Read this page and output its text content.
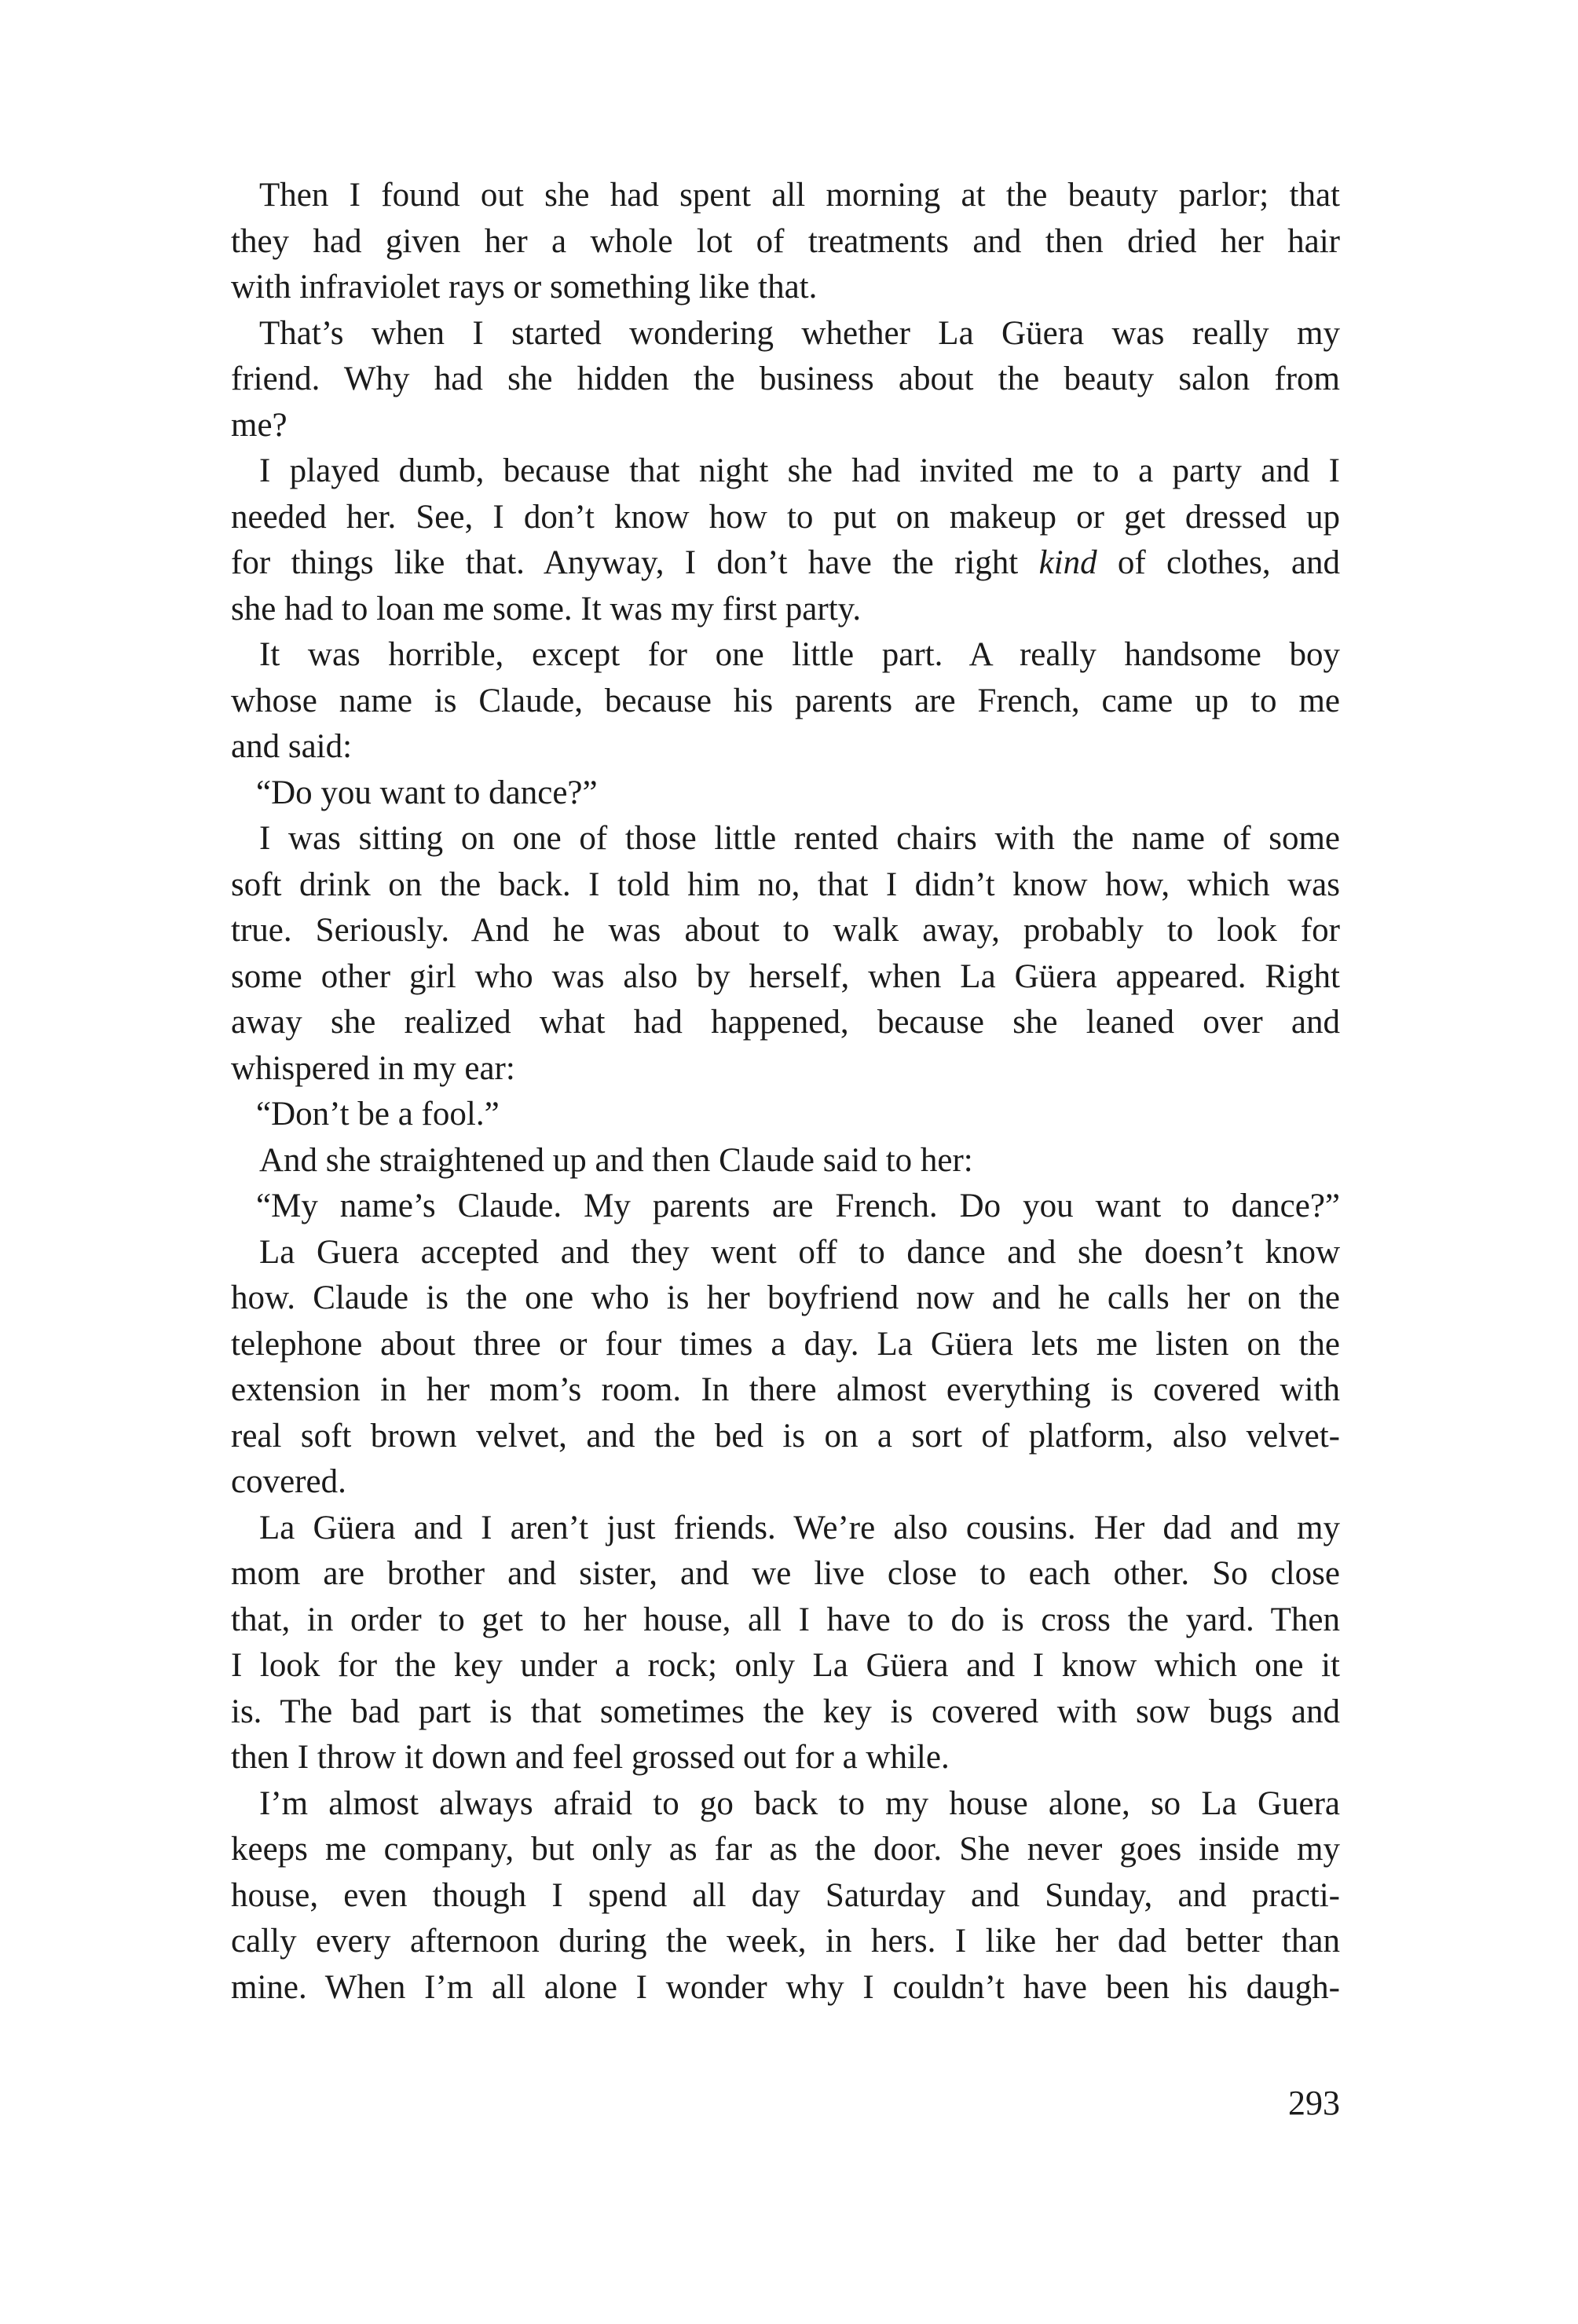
Then I found out she had spent all morning at the beauty parlor; that
they had given her a whole lot of treatments and then dried her hair
with infraviolet rays or something like that.
That’s when I started wondering whether La Güera was really my
friend. Why had she hidden the business about the beauty salon from
me?
I played dumb, because that night she had invited me to a party and I
needed her. See, I don’t know how to put on makeup or get dressed up
for things like that. Anyway, I don’t have the right kind of clothes, and
she had to loan me some. It was my first party.
It was horrible, except for one little part. A really handsome boy
whose name is Claude, because his parents are French, came up to me
and said:
“Do you want to dance?”
I was sitting on one of those little rented chairs with the name of some
soft drink on the back. I told him no, that I didn’t know how, which was
true. Seriously. And he was about to walk away, probably to look for
some other girl who was also by herself, when La Güera appeared. Right
away she realized what had happened, because she leaned over and
whispered in my ear:
“Don’t be a fool.”
And she straightened up and then Claude said to her:
“My name’s Claude. My parents are French. Do you want to dance?”
La Guera accepted and they went off to dance and she doesn’t know
how. Claude is the one who is her boyfriend now and he calls her on the
telephone about three or four times a day. La Güera lets me listen on the
extension in her mom’s room. In there almost everything is covered with
real soft brown velvet, and the bed is on a sort of platform, also velvet-
covered.
La Güera and I aren’t just friends. We’re also cousins. Her dad and my
mom are brother and sister, and we live close to each other. So close
that, in order to get to her house, all I have to do is cross the yard. Then
I look for the key under a rock; only La Güera and I know which one it
is. The bad part is that sometimes the key is covered with sow bugs and
then I throw it down and feel grossed out for a while.
I’m almost always afraid to go back to my house alone, so La Guera
keeps me company, but only as far as the door. She never goes inside my
house, even though I spend all day Saturday and Sunday, and practi-
cally every afternoon during the week, in hers. I like her dad better than
mine. When I’m all alone I wonder why I couldn’t have been his daugh-
293
